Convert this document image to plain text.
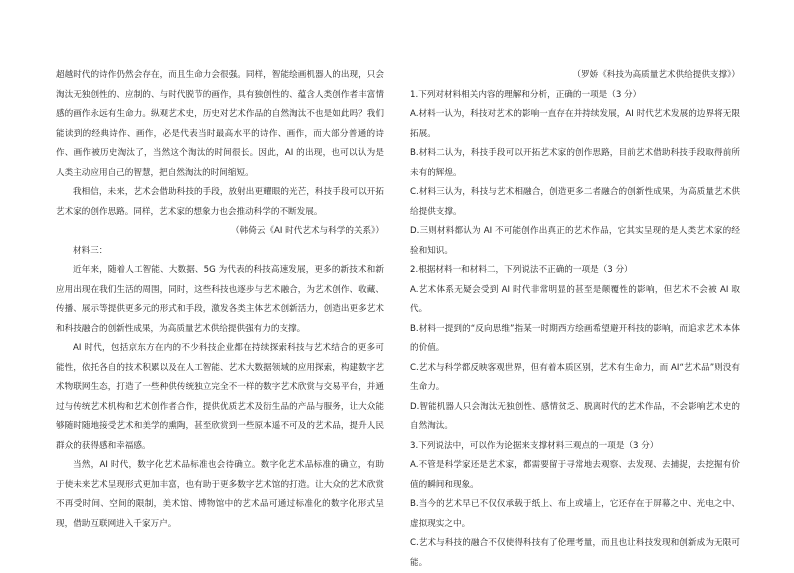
超越时代的诗作仍然会存在，而且生命力会很强。同样，智能绘画机器人的出现，只会淘汰无独创性的、应制的、与时代脱节的画作，具有独创性的、蕴含人类创作者丰富情感的画作永远有生命力。纵观艺术史，历史对艺术作品的自然淘汰不也是如此吗？我们能读到的经典诗作、画作，必是代表当时最高水平的诗作、画作，而大部分普通的诗作、画作被历史淘汰了，当然这个淘汰的时间很长。因此，AI 的出现，也可以认为是人类主动应用自己的智慧，把自然淘汰的时间缩短。

我相信，未来，艺术会借助科技的手段，放射出更耀眼的光芒，科技手段可以开拓艺术家的创作思路。同样，艺术家的想象力也会推动科学的不断发展。

（韩倚云《AI 时代艺术与科学的关系》）

材料三：

近年来，随着人工智能、大数据、5G 为代表的科技高速发展，更多的新技术和新应用出现在我们生活的周围，同时，这些科技也逐步与艺术融合，为艺术创作、收藏、传播、展示等提供更多元的形式和手段，激发各类主体艺术创新活力，创造出更多艺术和科技融合的创新性成果，为高质量艺术供给提供强有力的支撑。

AI 时代，包括京东方在内的不少科技企业都在持续探索科技与艺术结合的更多可能性，依托各自的技术积累以及在人工智能、艺术大数据领域的应用探索，构建数字艺术物联网生态，打造了一些种供传统独立完全不一样的数字艺术欣赏与交易平台，并通过与传统艺术机构和艺术创作者合作，提供优质艺术及衍生品的产品与服务，让大众能够随时随地接受艺术和美学的熏陶，甚至欣赏到一些原本遥不可及的艺术品，提升人民群众的获得感和幸福感。

当然，AI 时代，数字化艺术品标准也会待确立。数字化艺术品标准的确立，有助于使未来艺术呈现形式更加丰富，也有助于更多数字艺术馆的打造。让大众的艺术欣赏不再受时间、空间的限制，美术馆、博物馆中的艺术品可通过标准化的数字化形式呈现，借助互联网进入千家万户。

（罗娇《科技为高质量艺术供给提供支撑》）

1.下列对材料相关内容的理解和分析，正确的一项是（3 分）

A.材料一认为，科技对艺术的影响一直存在并持续发展，AI 时代艺术发展的边界将无限拓展。

B.材料二认为，科技手段可以开拓艺术家的创作思路，目前艺术借助科技手段取得前所未有的辉煌。

C.材料三认为，科技与艺术相融合，创造更多二者融合的创新性成果，为高质量艺术供给提供支撑。

D.三则材料都认为 AI 不可能创作出真正的艺术作品，它其实呈现的是人类艺术家的经验和知识。

2.根据材料一和材料二，下列说法不正确的一项是（3 分）

A.艺术体系无疑会受到 AI 时代非常明显的甚至是颠覆性的影响，但艺术不会被 AI 取代。

B.材料一提到的“反向思维”指某一时期西方绘画希望避开科技的影响，而追求艺术本体的价值。

C.艺术与科学都反映客观世界，但有着本质区别，艺术有生命力，而 AI“艺术品”则没有生命力。

D.智能机器人只会淘汰无独创性、感情贫乏、脱离时代的艺术作品，不会影响艺术史的自然淘汰。

3.下列说法中，可以作为论据来支撑材料三观点的一项是（3 分）

A.不管是科学家还是艺术家，都需要留于寻常地去观察、去发现、去捕捉，去挖掘有价值的瞬间和现象。

B.当今的艺术早已不仅仅承载于纸上、布上或墙上，它还存在于屏幕之中、光电之中、虚拟现实之中。

C.艺术与科技的融合不仅使得科技有了伦理考量，而且也让科技发现和创新成为无限可能。
